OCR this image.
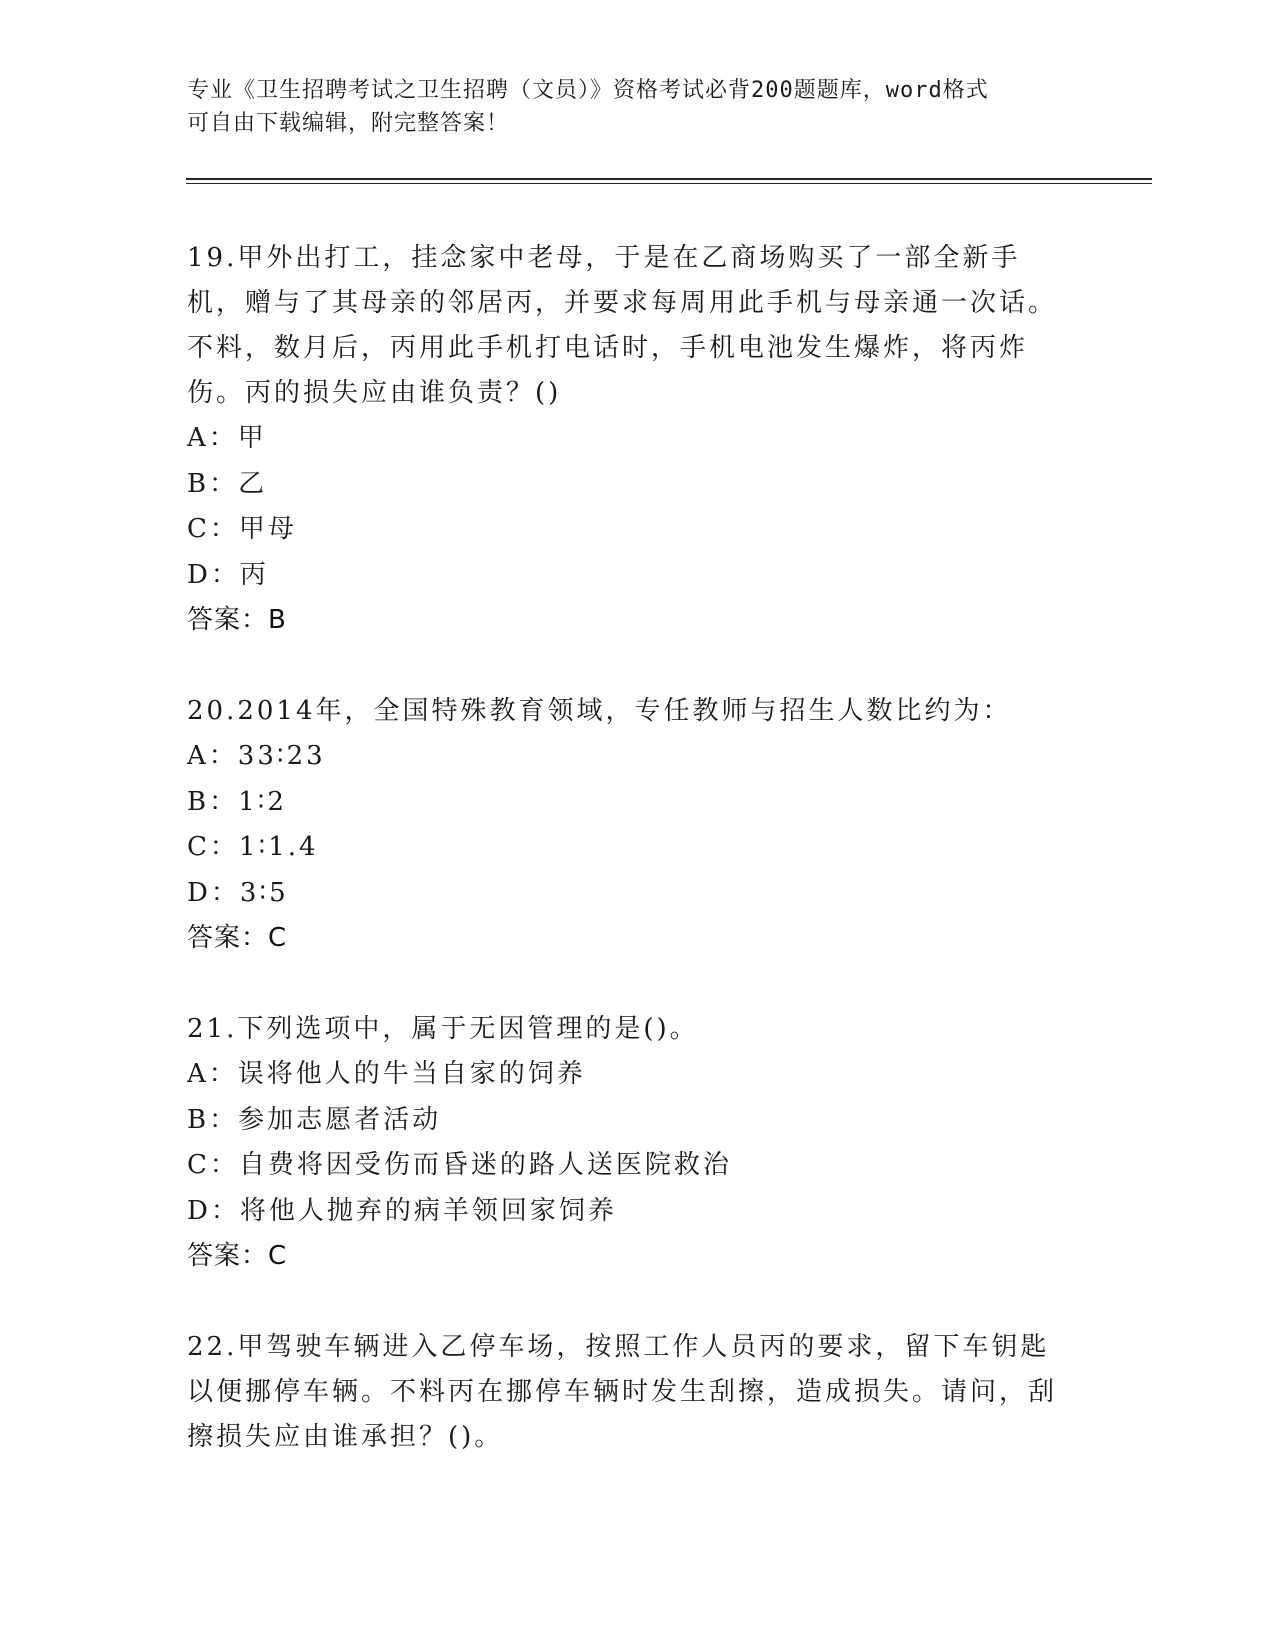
专业《卫生招聘考试之卫生招聘（文员）》资格考试必背200题题库，word格式
可自由下载编辑，附完整答案！

19.甲外出打工，挂念家中老母，于是在乙商场购买了一部全新手机，赠与了其母亲的邻居丙，并要求每周用此手机与母亲通一次话。不料，数月后，丙用此手机打电话时，手机电池发生爆炸，将丙炸伤。丙的损失应由谁负责？()

A：甲

B：乙

C：甲母

D：丙

答案：B

20.2014年，全国特殊教育领域，专任教师与招生人数比约为：

A：33∶23

B：1∶2

C：1∶1.4

D：3∶5

答案：C

21.下列选项中，属于无因管理的是()。

A：误将他人的牛当自家的饲养

B：参加志愿者活动

C：自费将因受伤而昏迷的路人送医院救治

D：将他人抛弃的病羊领回家饲养

答案：C

22.甲驾驶车辆进入乙停车场，按照工作人员丙的要求，留下车钥匙以便挪停车辆。不料丙在挪停车辆时发生刮擦，造成损失。请问，刮擦损失应由谁承担？()。
